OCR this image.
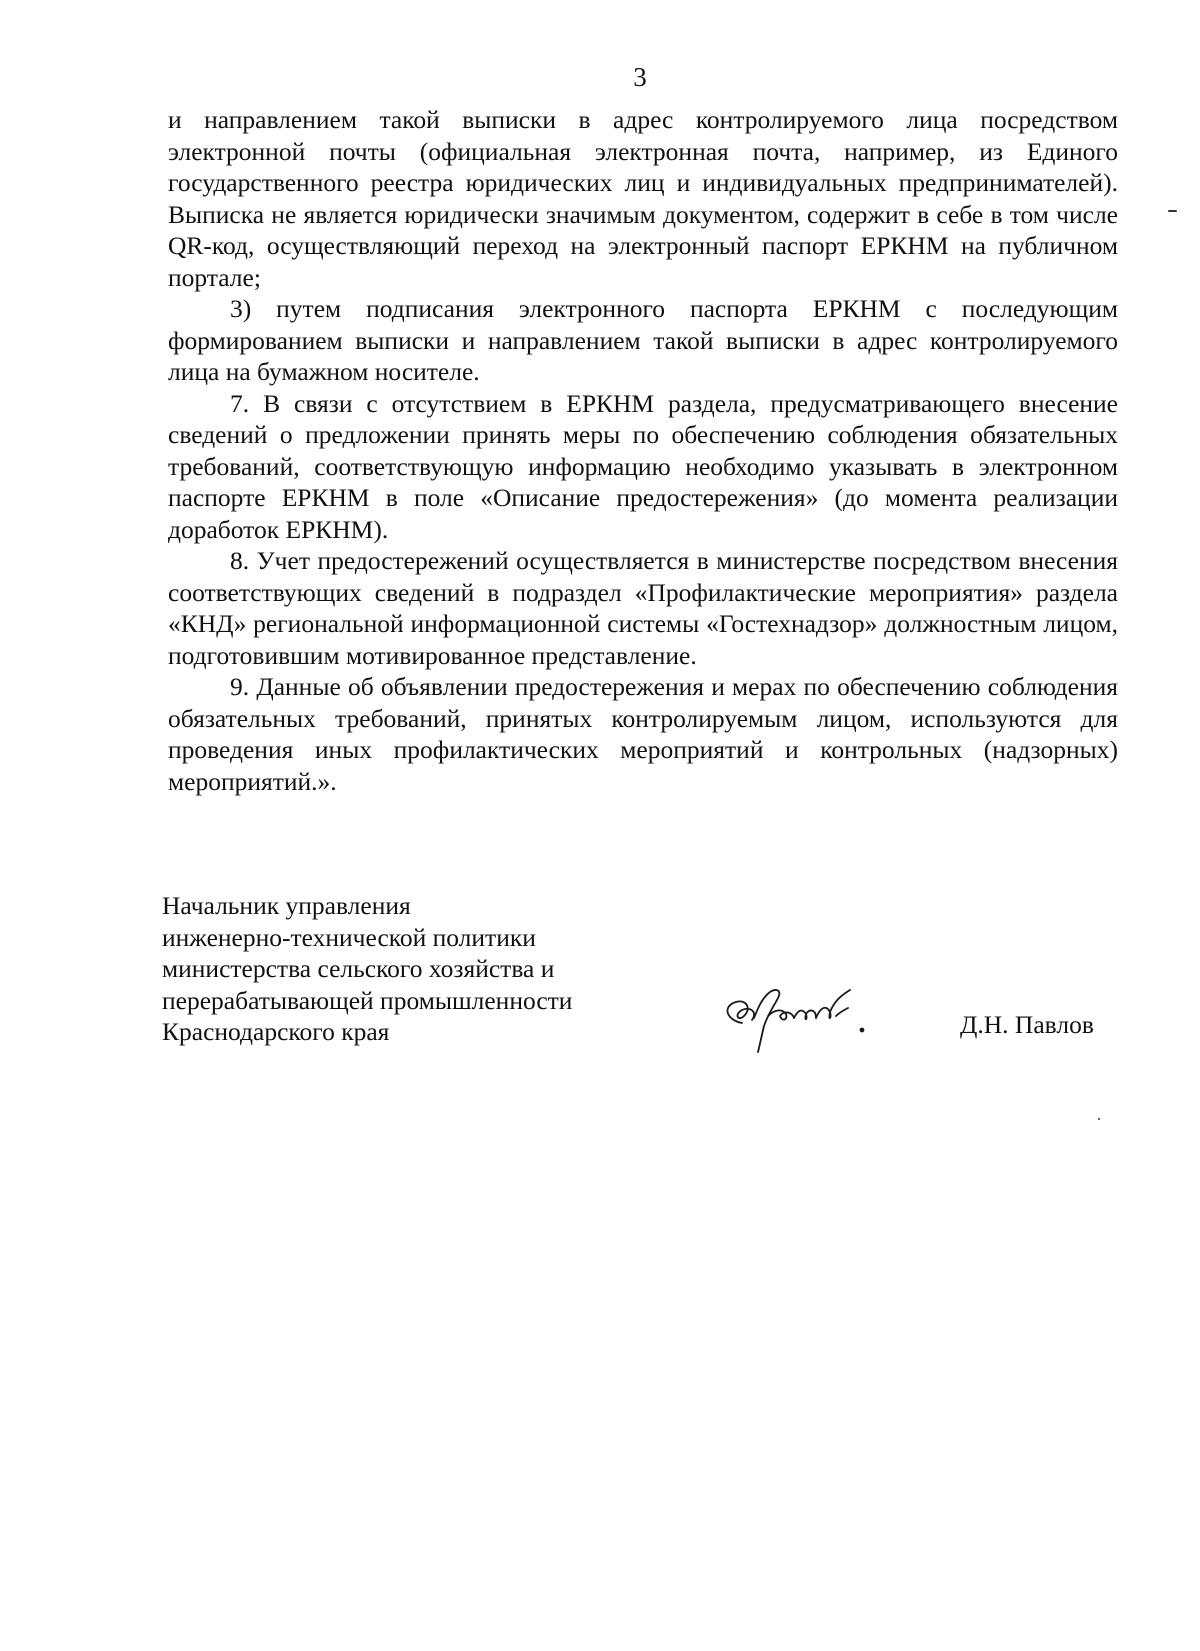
3

и направлением такой выписки в адрес контролируемого лица посредством электронной почты (официальная электронная почта, например, из Единого государственного реестра юридических лиц и индивидуальных предпринимателей). Выписка не является юридически значимым документом, содержит в себе в том числе QR-код, осуществляющий переход на электронный паспорт ЕРКНМ на публичном портале;

3) путем подписания электронного паспорта ЕРКНМ с последующим формированием выписки и направлением такой выписки в адрес контролируемого лица на бумажном носителе.

7. В связи с отсутствием в ЕРКНМ раздела, предусматривающего внесение сведений о предложении принять меры по обеспечению соблюдения обязательных требований, соответствующую информацию необходимо указывать в электронном паспорте ЕРКНМ в поле «Описание предостережения» (до момента реализации доработок ЕРКНМ).

8. Учет предостережений осуществляется в министерстве посредством внесения соответствующих сведений в подраздел «Профилактические мероприятия» раздела «КНД» региональной информационной системы «Гостехнадзор» должностным лицом, подготовившим мотивированное представление.

9. Данные об объявлении предостережения и мерах по обеспечению соблюдения обязательных требований, принятых контролируемым лицом, используются для проведения иных профилактических мероприятий и контрольных (надзорных) мероприятий.».

Начальник управления
инженерно-технической политики
министерства сельского хозяйства и
перерабатывающей промышленности
Краснодарского края	Д.Н. Павлов
